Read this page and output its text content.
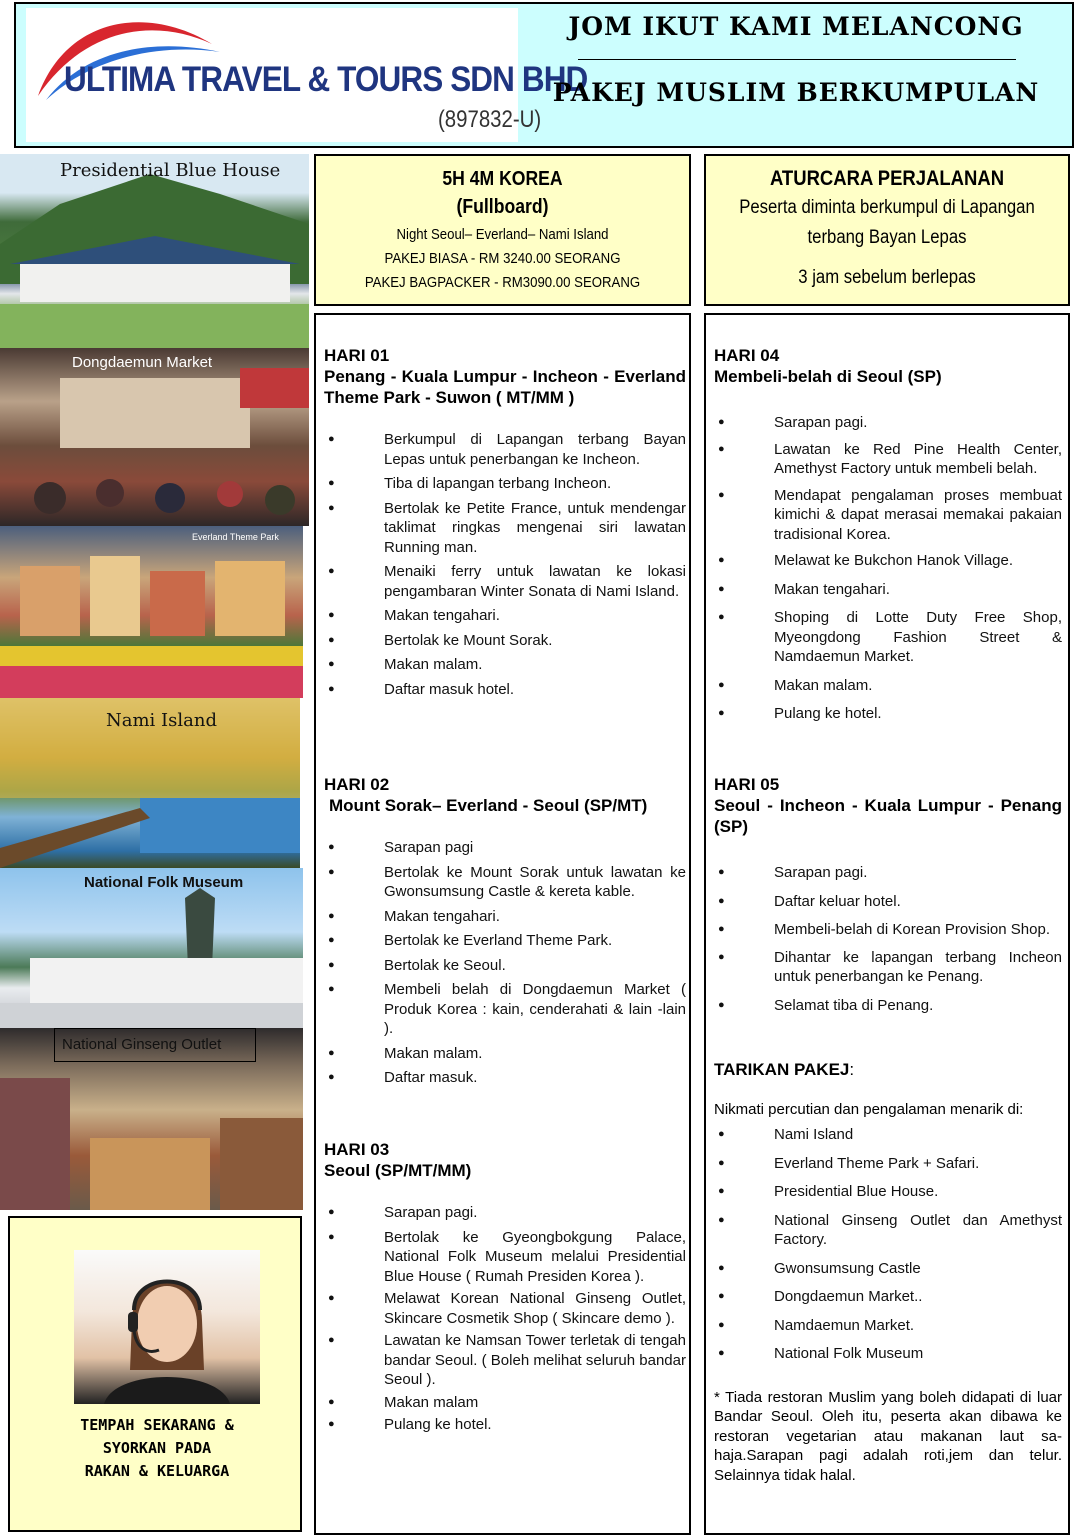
ULTIMA TRAVEL & TOURS SDN BHD
(897832-U)
JOM IKUT KAMI MELANCONG
PAKEJ MUSLIM BERKUMPULAN
Presidential Blue House
Dongdaemun Market
Everland Theme Park
Nami Island
National Folk Museum
National Ginseng Outlet
TEMPAH SEKARANG &
SYORKAN PADA
RAKAN & KELUARGA
5H 4M KOREA
(Fullboard)
Night Seoul– Everland– Nami Island
PAKEJ BIASA - RM 3240.00 SEORANG
PAKEJ BAGPACKER - RM3090.00 SEORANG
ATURCARA PERJALANAN
Peserta diminta berkumpul di Lapangan
terbang Bayan Lepas
3 jam sebelum berlepas
HARI 01
Penang - Kuala Lumpur - Incheon - Everland Theme Park - Suwon ( MT/MM )
● Berkumpul di Lapangan terbang Bayan Lepas untuk penerbangan ke Incheon.
● Tiba di lapangan terbang Incheon.
● Bertolak ke Petite France, untuk mendengar taklimat ringkas mengenai siri lawatan Running man.
● Menaiki ferry untuk lawatan ke lokasi pengambaran Winter Sonata di Nami Island.
● Makan tengahari.
● Bertolak ke Mount Sorak.
● Makan malam.
● Daftar masuk hotel.
HARI 02
Mount Sorak– Everland - Seoul (SP/MT)
● Sarapan pagi
● Bertolak ke Mount Sorak untuk lawatan ke Gwonsumsung Castle & kereta kable.
● Makan tengahari.
● Bertolak ke Everland Theme Park.
● Bertolak ke Seoul.
● Membeli belah di Dongdaemun Market ( Produk Korea : kain, cenderahati & lain -lain ).
● Makan malam.
● Daftar masuk.
HARI 03
Seoul (SP/MT/MM)
● Sarapan pagi.
● Bertolak ke Gyeongbokgung Palace, National Folk Museum melalui Presidential Blue House ( Rumah Presiden Korea ).
● Melawat Korean National Ginseng Outlet, Skincare Cosmetik Shop ( Skincare demo ).
● Lawatan ke Namsan Tower terletak di tengah bandar Seoul. ( Boleh melihat seluruh bandar Seoul ).
● Makan malam
● Pulang ke hotel.
HARI 04
Membeli-belah di Seoul (SP)
● Sarapan pagi.
● Lawatan ke Red Pine Health Center, Amethyst Factory untuk membeli belah.
● Mendapat pengalaman proses membuat kimichi & dapat merasai memakai pakaian tradisional Korea.
● Melawat ke Bukchon Hanok Village.
● Makan tengahari.
● Shoping di Lotte Duty Free Shop, Myeongdong Fashion Street & Namdaemun Market.
● Makan malam.
● Pulang ke hotel.
HARI 05
Seoul - Incheon - Kuala Lumpur - Penang (SP)
● Sarapan pagi.
● Daftar keluar hotel.
● Membeli-belah di Korean Provision Shop.
● Dihantar ke lapangan terbang Incheon untuk penerbangan ke Penang.
● Selamat tiba di Penang.
TARIKAN PAKEJ:
Nikmati percutian dan pengalaman menarik di:
● Nami Island
● Everland Theme Park + Safari.
● Presidential Blue House.
● National Ginseng Outlet dan Amethyst Factory.
● Gwonsumsung Castle
● Dongdaemun Market..
● Namdaemun Market.
● National Folk Museum
* Tiada restoran Muslim yang boleh didapati di luar Bandar Seoul. Oleh itu, peserta akan dibawa ke restoran vegetarian atau makanan laut sa-haja.Sarapan pagi adalah roti,jem dan telur. Selainnya tidak halal.
